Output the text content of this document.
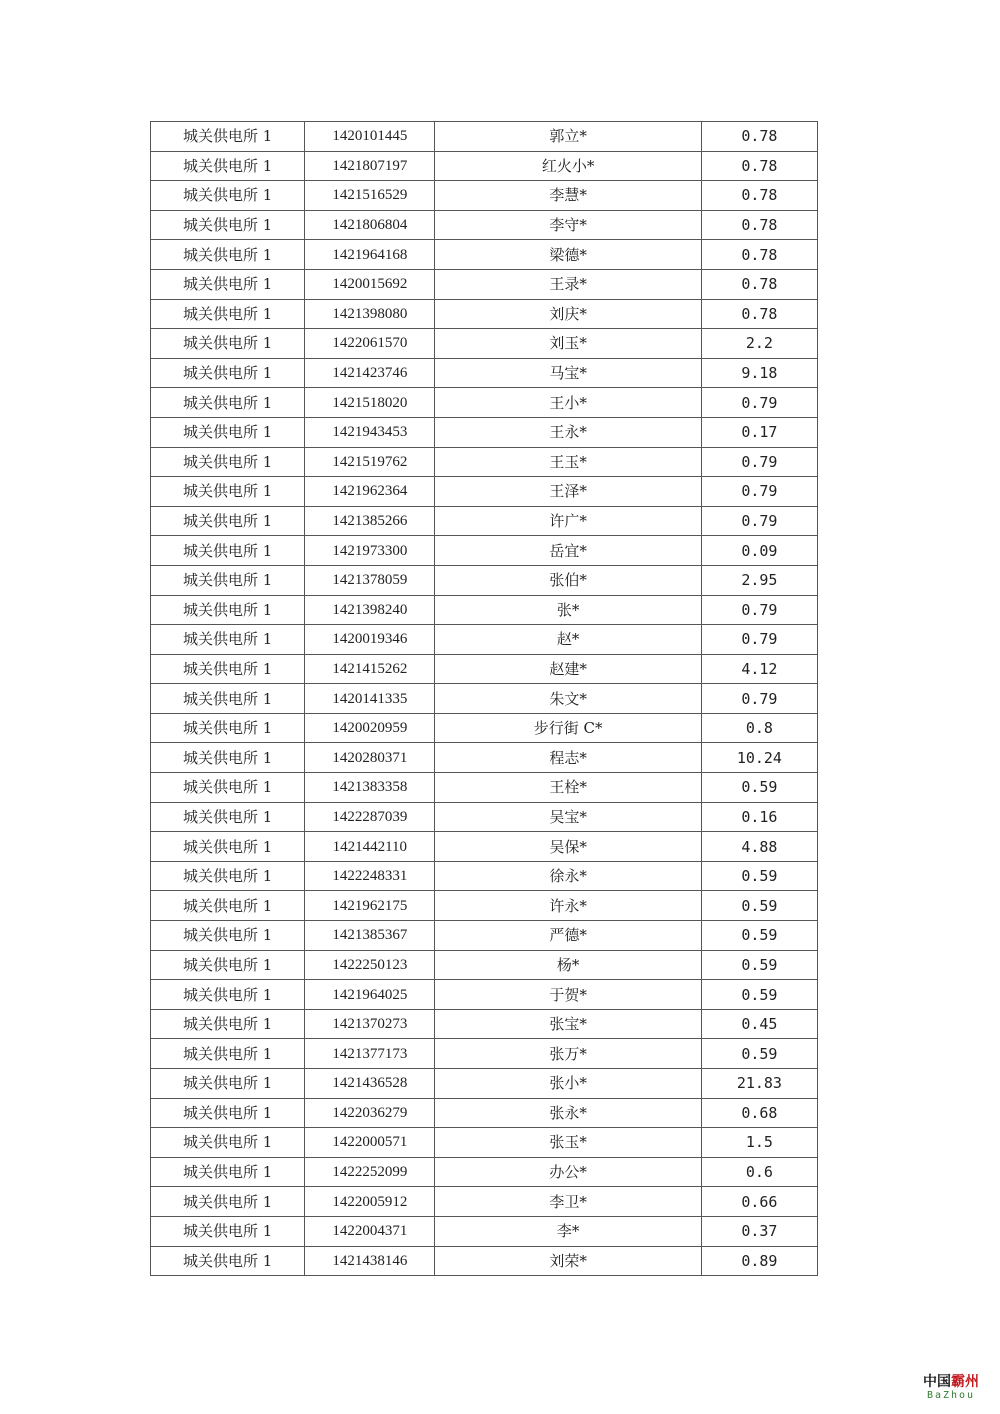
城关供电所 1	1420101445	郭立*	0.78
城关供电所 1	1421807197	红火小*	0.78
城关供电所 1	1421516529	李慧*	0.78
城关供电所 1	1421806804	李守*	0.78
城关供电所 1	1421964168	梁德*	0.78
城关供电所 1	1420015692	王录*	0.78
城关供电所 1	1421398080	刘庆*	0.78
城关供电所 1	1422061570	刘玉*	2.2
城关供电所 1	1421423746	马宝*	9.18
城关供电所 1	1421518020	王小*	0.79
城关供电所 1	1421943453	王永*	0.17
城关供电所 1	1421519762	王玉*	0.79
城关供电所 1	1421962364	王泽*	0.79
城关供电所 1	1421385266	许广*	0.79
城关供电所 1	1421973300	岳宜*	0.09
城关供电所 1	1421378059	张伯*	2.95
城关供电所 1	1421398240	张*	0.79
城关供电所 1	1420019346	赵*	0.79
城关供电所 1	1421415262	赵建*	4.12
城关供电所 1	1420141335	朱文*	0.79
城关供电所 1	1420020959	步行街 C*	0.8
城关供电所 1	1420280371	程志*	10.24
城关供电所 1	1421383358	王栓*	0.59
城关供电所 1	1422287039	吴宝*	0.16
城关供电所 1	1421442110	吴保*	4.88
城关供电所 1	1422248331	徐永*	0.59
城关供电所 1	1421962175	许永*	0.59
城关供电所 1	1421385367	严德*	0.59
城关供电所 1	1422250123	杨*	0.59
城关供电所 1	1421964025	于贺*	0.59
城关供电所 1	1421370273	张宝*	0.45
城关供电所 1	1421377173	张万*	0.59
城关供电所 1	1421436528	张小*	21.83
城关供电所 1	1422036279	张永*	0.68
城关供电所 1	1422000571	张玉*	1.5
城关供电所 1	1422252099	办公*	0.6
城关供电所 1	1422005912	李卫*	0.66
城关供电所 1	1422004371	李*	0.37
城关供电所 1	1421438146	刘荣*	0.89
中国霸州
BaZhou
